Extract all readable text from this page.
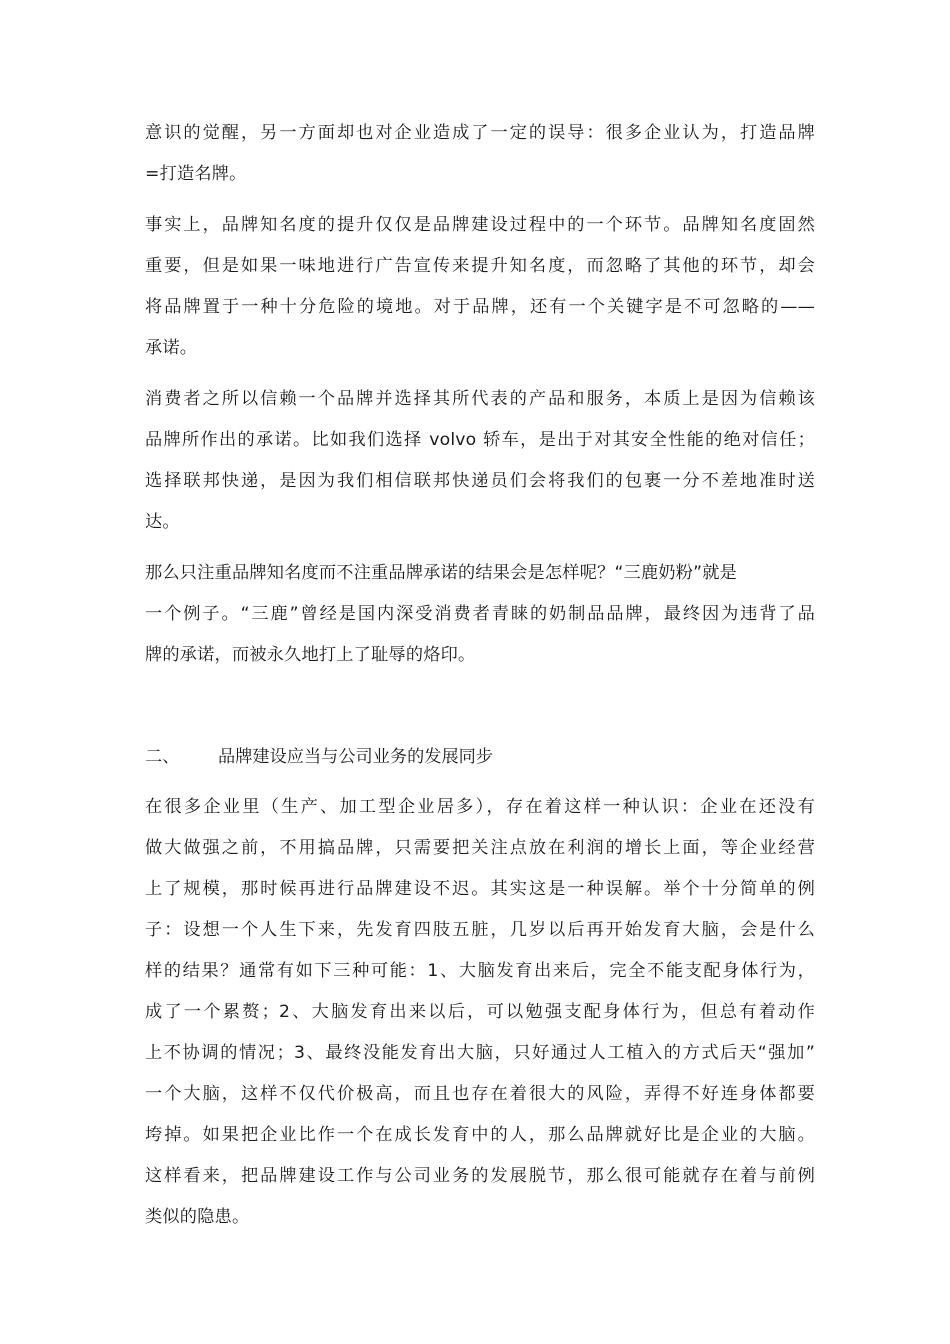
意识的觉醒，另一方面却也对企业造成了一定的误导：很多企业认为，打造品牌
=打造名牌。
事实上，品牌知名度的提升仅仅是品牌建设过程中的一个环节。品牌知名度固然
重要，但是如果一味地进行广告宣传来提升知名度，而忽略了其他的环节，却会
将品牌置于一种十分危险的境地。对于品牌，还有一个关键字是不可忽略的——
承诺。
消费者之所以信赖一个品牌并选择其所代表的产品和服务，本质上是因为信赖该
品牌所作出的承诺。比如我们选择 volvo 轿车，是出于对其安全性能的绝对信任；
选择联邦快递，是因为我们相信联邦快递员们会将我们的包裹一分不差地准时送
达。
那么只注重品牌知名度而不注重品牌承诺的结果会是怎样呢？“三鹿奶粉”就是
一个例子。“三鹿”曾经是国内深受消费者青睐的奶制品品牌，最终因为违背了品
牌的承诺，而被永久地打上了耻辱的烙印。
二、 品牌建设应当与公司业务的发展同步
在很多企业里（生产、加工型企业居多），存在着这样一种认识：企业在还没有
做大做强之前，不用搞品牌，只需要把关注点放在利润的增长上面，等企业经营
上了规模，那时候再进行品牌建设不迟。其实这是一种误解。举个十分简单的例
子：设想一个人生下来，先发育四肢五脏，几岁以后再开始发育大脑，会是什么
样的结果？通常有如下三种可能：1、大脑发育出来后，完全不能支配身体行为，
成了一个累赘；2、大脑发育出来以后，可以勉强支配身体行为，但总有着动作
上不协调的情况；3、最终没能发育出大脑，只好通过人工植入的方式后天“强加”
一个大脑，这样不仅代价极高，而且也存在着很大的风险，弄得不好连身体都要
垮掉。如果把企业比作一个在成长发育中的人，那么品牌就好比是企业的大脑。
这样看来，把品牌建设工作与公司业务的发展脱节，那么很可能就存在着与前例
类似的隐患。
